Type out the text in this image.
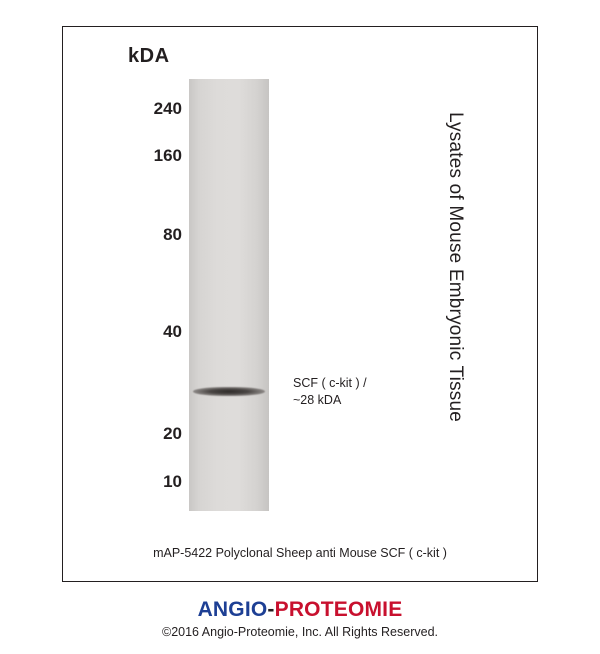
kDA
240
160
80
40
20
10
SCF ( c-kit ) /
~28 kDA	Lysates of Mouse Embryonic Tissue
mAP-5422 Polyclonal Sheep anti Mouse SCF ( c-kit )
ANGIO-PROTEOMIE
©2016 Angio-Proteomie, Inc. All Rights Reserved.
